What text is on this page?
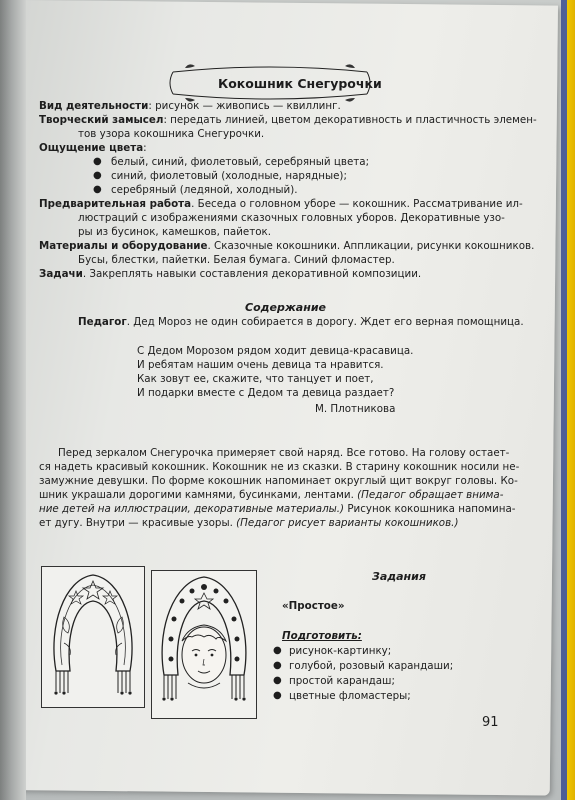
Кокошник Снегурочки
Вид деятельности: рисунок — живопись — квиллинг.
Творческий замысел: передать линией, цветом декоративность и пластичность элемен-
тов узора кокошника Снегурочки.
Ощущение цвета:
● белый, синий, фиолетовый, серебряный цвета;
● синий, фиолетовый (холодные, нарядные);
● серебряный (ледяной, холодный).
Предварительная работа. Беседа о головном уборе — кокошник. Рассматривание ил-
люстраций с изображениями сказочных головных уборов. Декоративные узо-
ры из бусинок, камешков, пайеток.
Материалы и оборудование. Сказочные кокошники. Аппликации, рисунки кокошников.
Бусы, блестки, пайетки. Белая бумага. Синий фломастер.
Задачи. Закреплять навыки составления декоративной композиции.
Содержание
Педагог. Дед Мороз не один собирается в дорогу. Ждет его верная помощница.
С Дедом Морозом рядом ходит девица-красавица.
И ребятам нашим очень девица та нравится.
Как зовут ее, скажите, что танцует и поет,
И подарки вместе с Дедом та девица раздает?
М. Плотникова
Перед зеркалом Снегурочка примеряет свой наряд. Все готово. На голову остает-
ся надеть красивый кокошник. Кокошник не из сказки. В старину кокошник носили не-
замужние девушки. По форме кокошник напоминает округлый щит вокруг головы. Ко-
шник украшали дорогими камнями, бусинками, лентами. (Педагог обращает внима-
ние детей на иллюстрации, декоративные материалы.) Рисунок кокошника напомина-
ет дугу. Внутри — красивые узоры. (Педагог рисует варианты кокошников.)
Задания
«Простое»
Подготовить:
● рисунок-картинку;
● голубой, розовый карандаши;
● простой карандаш;
● цветные фломастеры;
91
